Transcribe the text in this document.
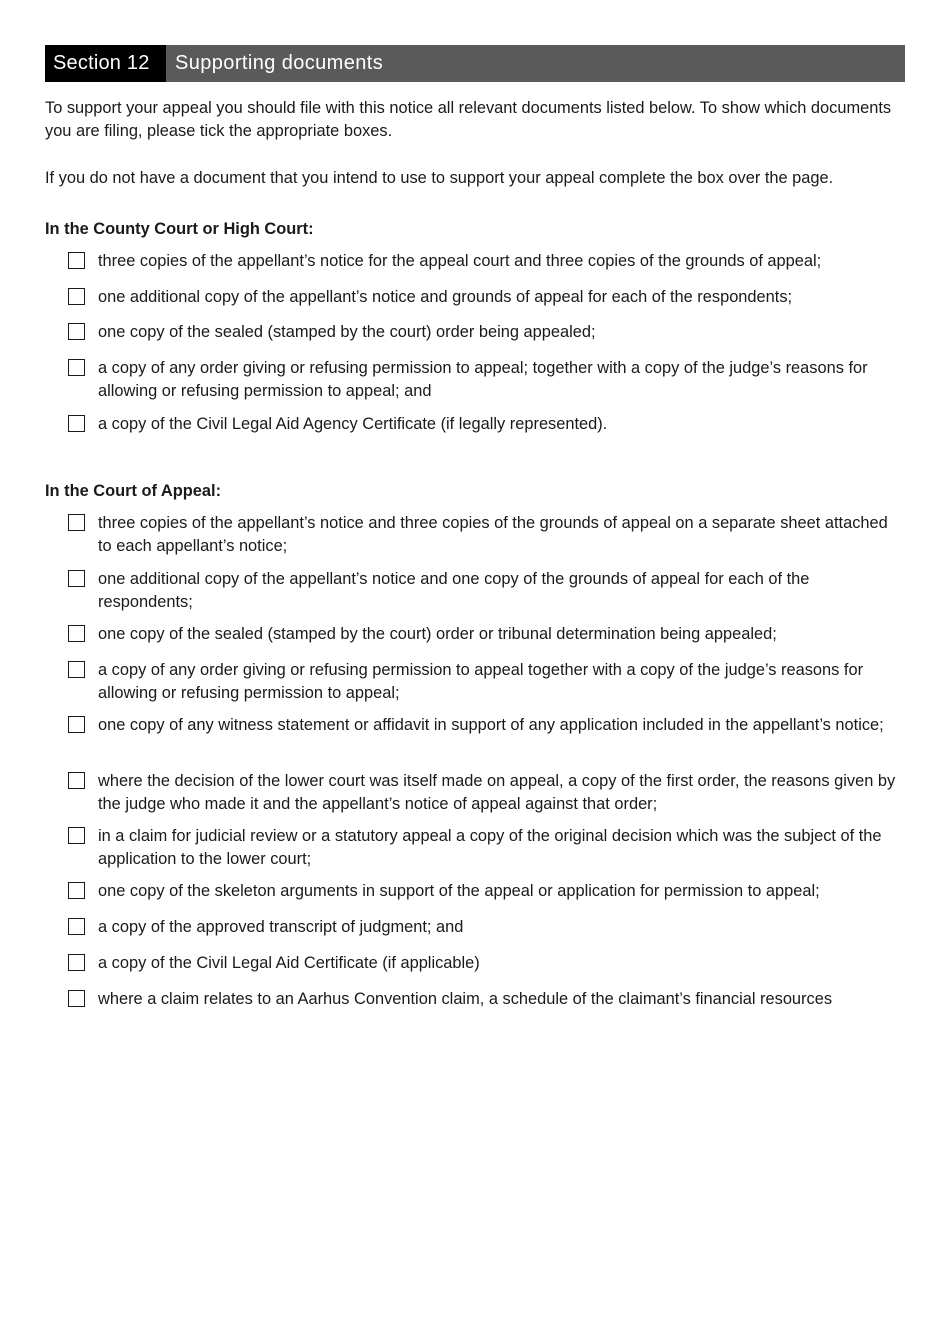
Section 12	Supporting documents

To support your appeal you should file with this notice all relevant documents listed below. To show which documents you are filing, please tick the appropriate boxes.

If you do not have a document that you intend to use to support your appeal complete the box over the page.

In the County Court or High Court:

three copies of the appellant’s notice for the appeal court and three copies of the grounds of appeal;
one additional copy of the appellant’s notice and grounds of appeal for each of the respondents;
one copy of the sealed (stamped by the court) order being appealed;
a copy of any order giving or refusing permission to appeal; together with a copy of the judge’s reasons for allowing or refusing permission to appeal; and
a copy of the Civil Legal Aid Agency Certificate (if legally represented).

In the Court of Appeal:

three copies of the appellant’s notice and three copies of the grounds of appeal on a separate sheet attached to each appellant’s notice;
one additional copy of the appellant’s notice and one copy of the grounds of appeal for each of the respondents;
one copy of the sealed (stamped by the court) order or tribunal determination being appealed;
a copy of any order giving or refusing permission to appeal together with a copy of the judge’s reasons for allowing or refusing permission to appeal;
one copy of any witness statement or affidavit in support of any application included in the appellant’s notice;
where the decision of the lower court was itself made on appeal, a copy of the first order, the reasons given by the judge who made it and the appellant’s notice of appeal against that order;
in a claim for judicial review or a statutory appeal a copy of the original decision which was the subject of the application to the lower court;
one copy of the skeleton arguments in support of the appeal or application for permission to appeal;
a copy of the approved transcript of judgment; and
a copy of the Civil Legal Aid Certificate (if applicable)
where a claim relates to an Aarhus Convention claim, a schedule of the claimant’s financial resources
